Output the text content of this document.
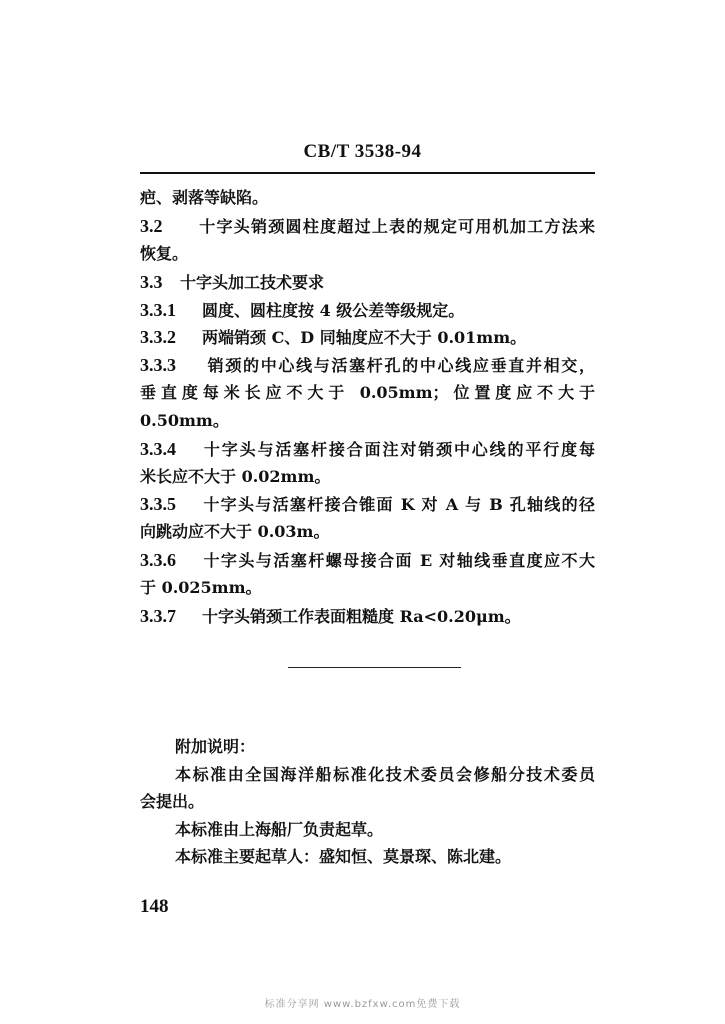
CB/T 3538-94
疤、剥落等缺陷。
3.2 十字头销颈圆柱度超过上表的规定可用机加工方法来
恢复。
3.3 十字头加工技术要求
3.3.1 圆度、圆柱度按 4 级公差等级规定。
3.3.2 两端销颈 C、D 同轴度应不大于 0.01mm。
3.3.3 销颈的中心线与活塞杆孔的中心线应垂直并相交，
垂直度每米长应不大于 0.05mm；位置度应不大于
0.50mm。
3.3.4 十字头与活塞杆接合面注对销颈中心线的平行度每
米长应不大于 0.02mm。
3.3.5 十字头与活塞杆接合锥面 K 对 A 与 B 孔轴线的径
向跳动应不大于 0.03m。
3.3.6 十字头与活塞杆螺母接合面 E 对轴线垂直度应不大
于 0.025mm。
3.3.7 十字头销颈工作表面粗糙度 Ra<0.20μm。
附加说明：
本标准由全国海洋船标准化技术委员会修船分技术委员
会提出。
本标准由上海船厂负责起草。
本标准主要起草人：盛知恒、莫景琛、陈北建。
148
标准分享网 www.bzfxw.com免费下载
